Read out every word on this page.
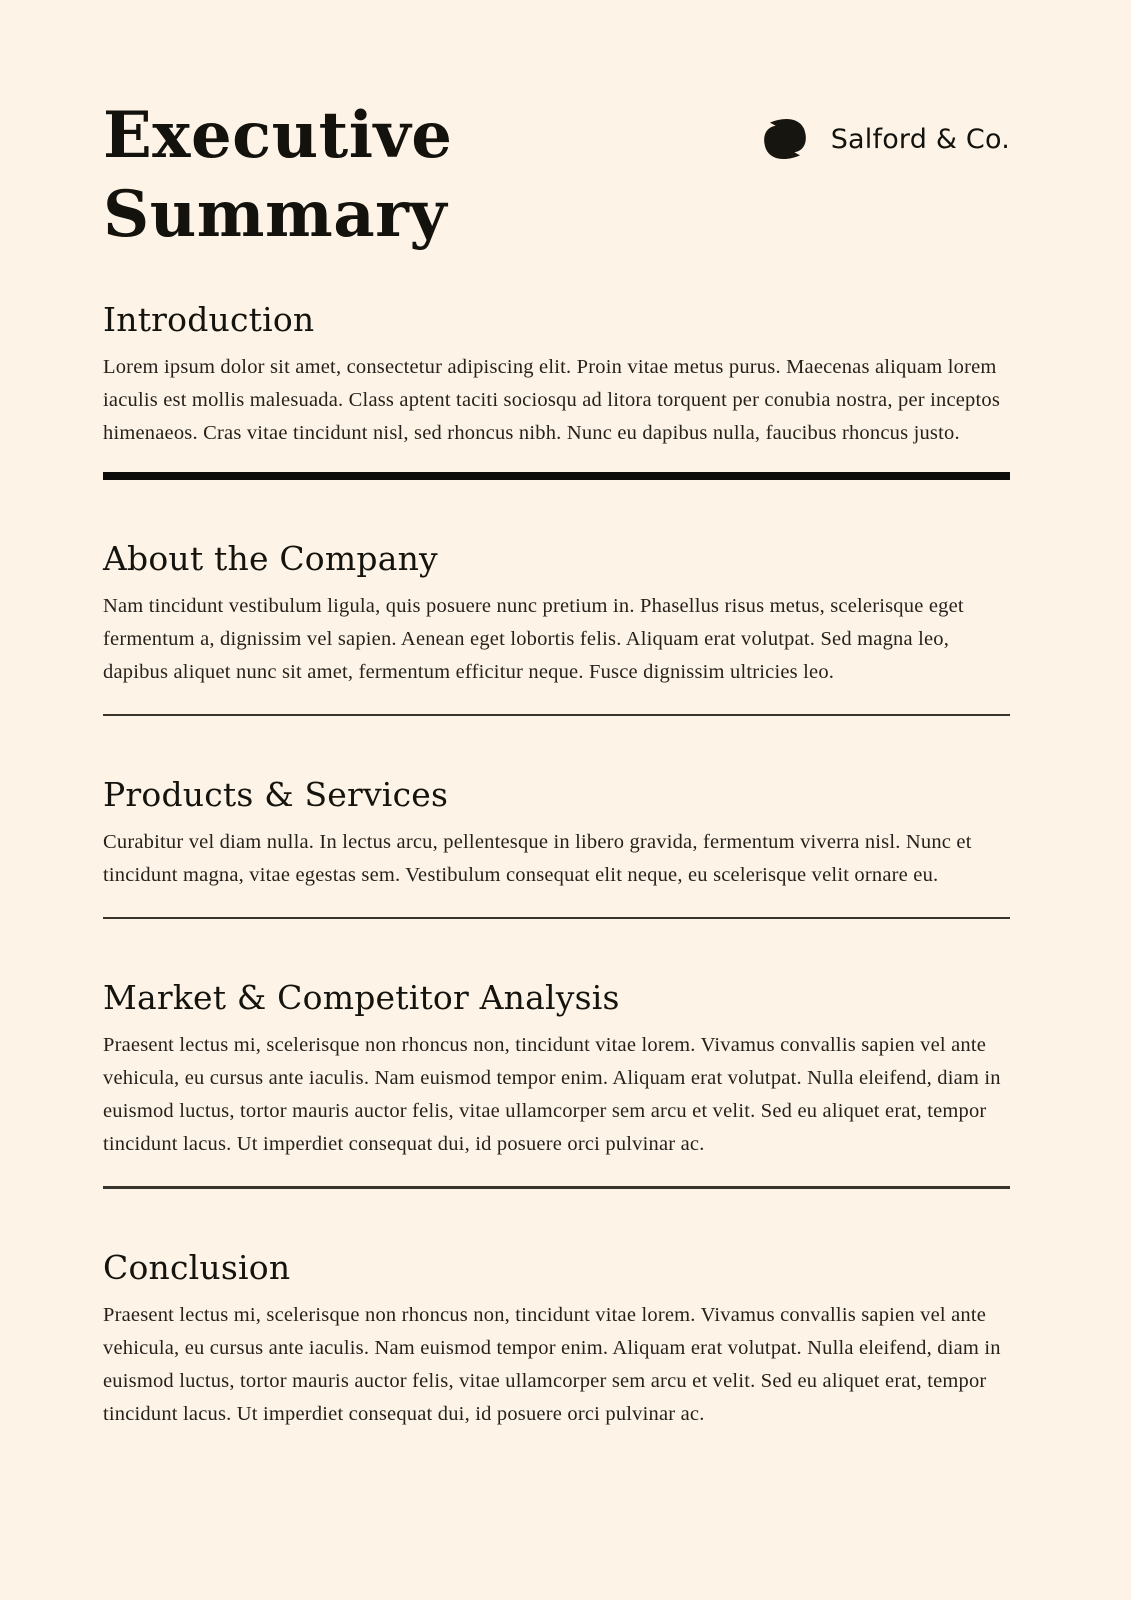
Executive Summary
Salford & Co.
Introduction

Lorem ipsum dolor sit amet, consectetur adipiscing elit. Proin vitae metus purus. Maecenas aliquam lorem iaculis est mollis malesuada. Class aptent taciti sociosqu ad litora torquent per conubia nostra, per inceptos himenaeos. Cras vitae tincidunt nisl, sed rhoncus nibh. Nunc eu dapibus nulla, faucibus rhoncus justo.

About the Company

Nam tincidunt vestibulum ligula, quis posuere nunc pretium in. Phasellus risus metus, scelerisque eget fermentum a, dignissim vel sapien. Aenean eget lobortis felis. Aliquam erat volutpat. Sed magna leo, dapibus aliquet nunc sit amet, fermentum efficitur neque. Fusce dignissim ultricies leo.

Products & Services

Curabitur vel diam nulla. In lectus arcu, pellentesque in libero gravida, fermentum viverra nisl. Nunc et tincidunt magna, vitae egestas sem. Vestibulum consequat elit neque, eu scelerisque velit ornare eu.

Market & Competitor Analysis

Praesent lectus mi, scelerisque non rhoncus non, tincidunt vitae lorem. Vivamus convallis sapien vel ante vehicula, eu cursus ante iaculis. Nam euismod tempor enim. Aliquam erat volutpat. Nulla eleifend, diam in euismod luctus, tortor mauris auctor felis, vitae ullamcorper sem arcu et velit. Sed eu aliquet erat, tempor tincidunt lacus. Ut imperdiet consequat dui, id posuere orci pulvinar ac.

Conclusion

Praesent lectus mi, scelerisque non rhoncus non, tincidunt vitae lorem. Vivamus convallis sapien vel ante vehicula, eu cursus ante iaculis. Nam euismod tempor enim. Aliquam erat volutpat. Nulla eleifend, diam in euismod luctus, tortor mauris auctor felis, vitae ullamcorper sem arcu et velit. Sed eu aliquet erat, tempor tincidunt lacus. Ut imperdiet consequat dui, id posuere orci pulvinar ac.
